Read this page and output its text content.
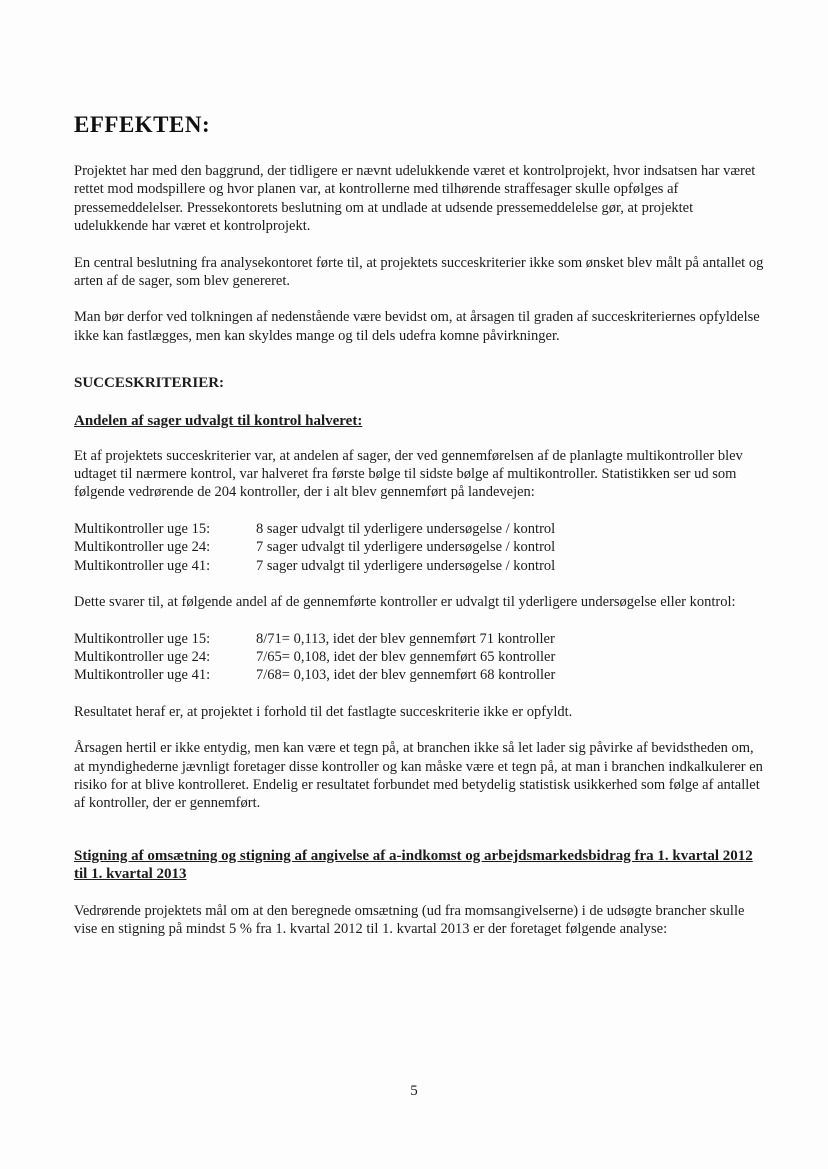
EFFEKTEN:

Projektet har med den baggrund, der tidligere er nævnt udelukkende været et kontrolprojekt, hvor indsatsen har været rettet mod modspillere og hvor planen var, at kontrollerne med tilhørende straffesager skulle opfølges af pressemeddelelser. Pressekontorets beslutning om at undlade at udsende pressemeddelelse gør, at projektet udelukkende har været et kontrolprojekt.

En central beslutning fra analysekontoret førte til, at projektets succeskriterier ikke som ønsket blev målt på antallet og arten af de sager, som blev genereret.

Man bør derfor ved tolkningen af nedenstående være bevidst om, at årsagen til graden af succeskriteriernes opfyldelse ikke kan fastlægges, men kan skyldes mange og til dels udefra komne påvirkninger.

SUCCESKRITERIER:
Andelen af sager udvalgt til kontrol halveret:

Et af projektets succeskriterier var, at andelen af sager, der ved gennemførelsen af de planlagte multikontroller blev udtaget til nærmere kontrol, var halveret fra første bølge til sidste bølge af multikontroller. Statistikken ser ud som følgende vedrørende de 204 kontroller, der i alt blev gennemført på landevejen:

Multikontroller uge 15:	8 sager udvalgt til yderligere undersøgelse / kontrol
Multikontroller uge 24:	7 sager udvalgt til yderligere undersøgelse / kontrol
Multikontroller uge 41:	7 sager udvalgt til yderligere undersøgelse / kontrol

Dette svarer til, at følgende andel af de gennemførte kontroller er udvalgt til yderligere undersøgelse eller kontrol:

Multikontroller uge 15:	8/71= 0,113, idet der blev gennemført 71 kontroller
Multikontroller uge 24:	7/65= 0,108, idet der blev gennemført 65 kontroller
Multikontroller uge 41:	7/68= 0,103, idet der blev gennemført 68 kontroller

Resultatet heraf er, at projektet i forhold til det fastlagte succeskriterie ikke er opfyldt.

Årsagen hertil er ikke entydig, men kan være et tegn på, at branchen ikke så let lader sig påvirke af bevidstheden om, at myndighederne jævnligt foretager disse kontroller og kan måske være et tegn på, at man i branchen indkalkulerer en risiko for at blive kontrolleret. Endelig er resultatet forbundet med betydelig statistisk usikkerhed som følge af antallet af kontroller, der er gennemført.

Stigning af omsætning og stigning af angivelse af a-indkomst og arbejdsmarkedsbidrag fra 1. kvartal 2012 til 1. kvartal 2013

Vedrørende projektets mål om at den beregnede omsætning (ud fra momsangivelserne) i de udsøgte brancher skulle vise en stigning på mindst 5 % fra 1. kvartal 2012 til 1. kvartal 2013 er der foretaget følgende analyse:

5
